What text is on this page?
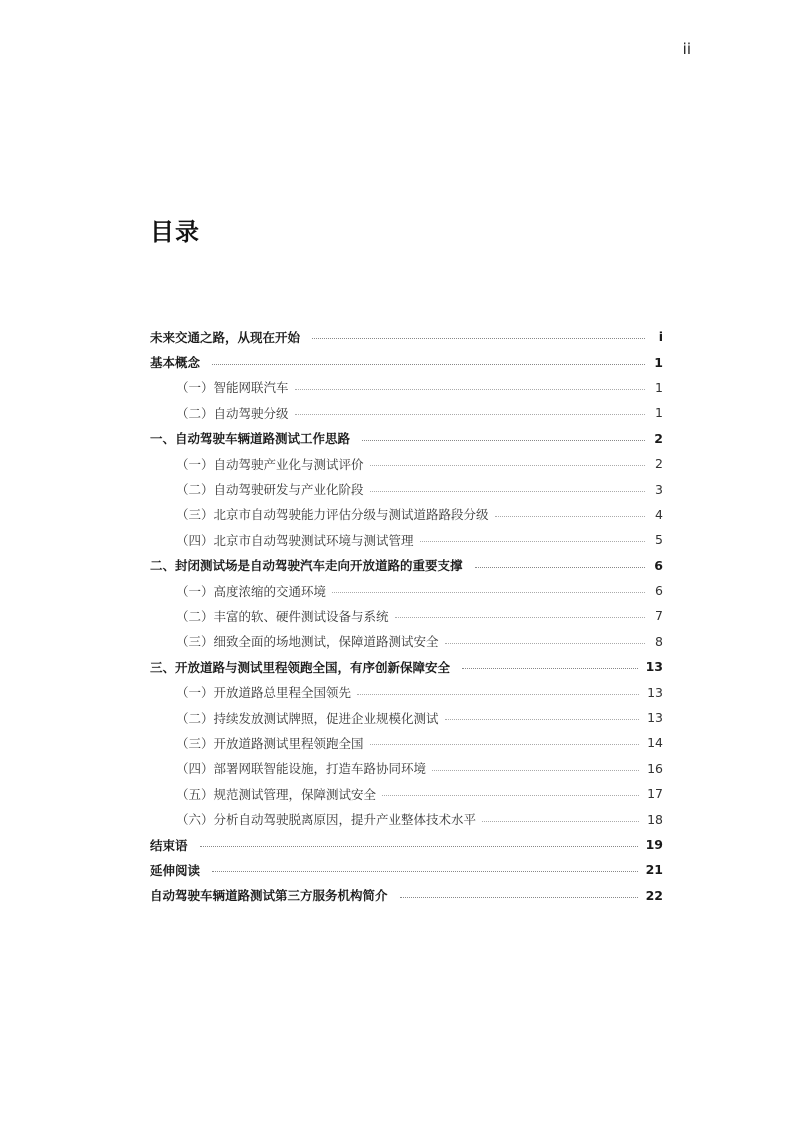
ii
目录
未来交通之路，从现在开始	i
基本概念	1
（一）智能网联汽车	1
（二）自动驾驶分级	1
一、自动驾驶车辆道路测试工作思路	2
（一）自动驾驶产业化与测试评价	2
（二）自动驾驶研发与产业化阶段	3
（三）北京市自动驾驶能力评估分级与测试道路路段分级	4
（四）北京市自动驾驶测试环境与测试管理	5
二、封闭测试场是自动驾驶汽车走向开放道路的重要支撑	6
（一）高度浓缩的交通环境	6
（二）丰富的软、硬件测试设备与系统	7
（三）细致全面的场地测试，保障道路测试安全	8
三、开放道路与测试里程领跑全国，有序创新保障安全	13
（一）开放道路总里程全国领先	13
（二）持续发放测试牌照，促进企业规模化测试	13
（三）开放道路测试里程领跑全国	14
（四）部署网联智能设施，打造车路协同环境	16
（五）规范测试管理，保障测试安全	17
（六）分析自动驾驶脱离原因，提升产业整体技术水平	18
结束语	19
延伸阅读	21
自动驾驶车辆道路测试第三方服务机构简介	22
